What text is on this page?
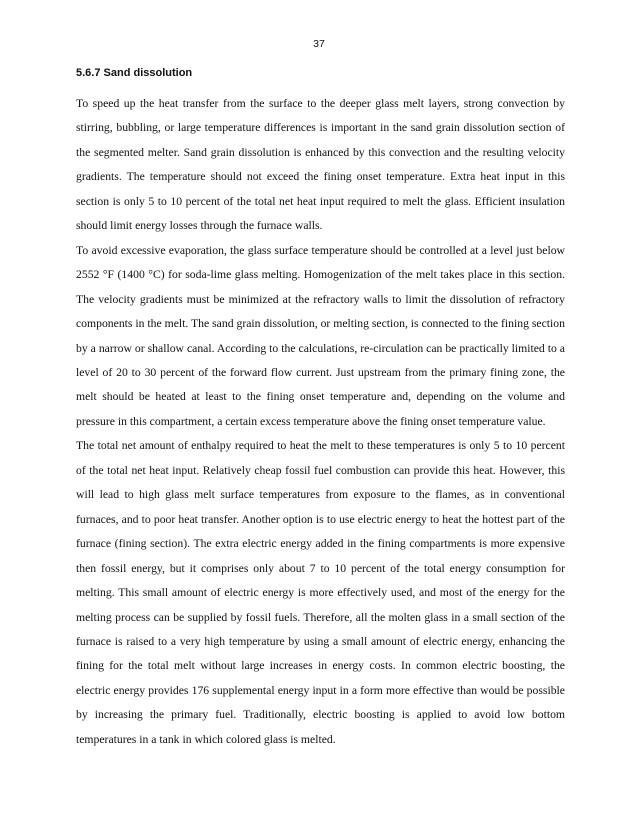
37
5.6.7 Sand dissolution

To speed up the heat transfer from the surface to the deeper glass melt layers, strong convection by stirring, bubbling, or large temperature differences is important in the sand grain dissolution section of the segmented melter. Sand grain dissolution is enhanced by this convection and the resulting velocity gradients. The temperature should not exceed the fining onset temperature. Extra heat input in this section is only 5 to 10 percent of the total net heat input required to melt the glass. Efficient insulation should limit energy losses through the furnace walls.

To avoid excessive evaporation, the glass surface temperature should be controlled at a level just below 2552 °F (1400 °C) for soda-lime glass melting. Homogenization of the melt takes place in this section. The velocity gradients must be minimized at the refractory walls to limit the dissolution of refractory components in the melt. The sand grain dissolution, or melting section, is connected to the fining section by a narrow or shallow canal. According to the calculations, re-circulation can be practically limited to a level of 20 to 30 percent of the forward flow current. Just upstream from the primary fining zone, the melt should be heated at least to the fining onset temperature and, depending on the volume and pressure in this compartment, a certain excess temperature above the fining onset temperature value.

The total net amount of enthalpy required to heat the melt to these temperatures is only 5 to 10 percent of the total net heat input. Relatively cheap fossil fuel combustion can provide this heat. However, this will lead to high glass melt surface temperatures from exposure to the flames, as in conventional furnaces, and to poor heat transfer. Another option is to use electric energy to heat the hottest part of the furnace (fining section). The extra electric energy added in the fining compartments is more expensive then fossil energy, but it comprises only about 7 to 10 percent of the total energy consumption for melting. This small amount of electric energy is more effectively used, and most of the energy for the melting process can be supplied by fossil fuels. Therefore, all the molten glass in a small section of the furnace is raised to a very high temperature by using a small amount of electric energy, enhancing the fining for the total melt without large increases in energy costs. In common electric boosting, the electric energy provides 176 supplemental energy input in a form more effective than would be possible by increasing the primary fuel. Traditionally, electric boosting is applied to avoid low bottom temperatures in a tank in which colored glass is melted.
